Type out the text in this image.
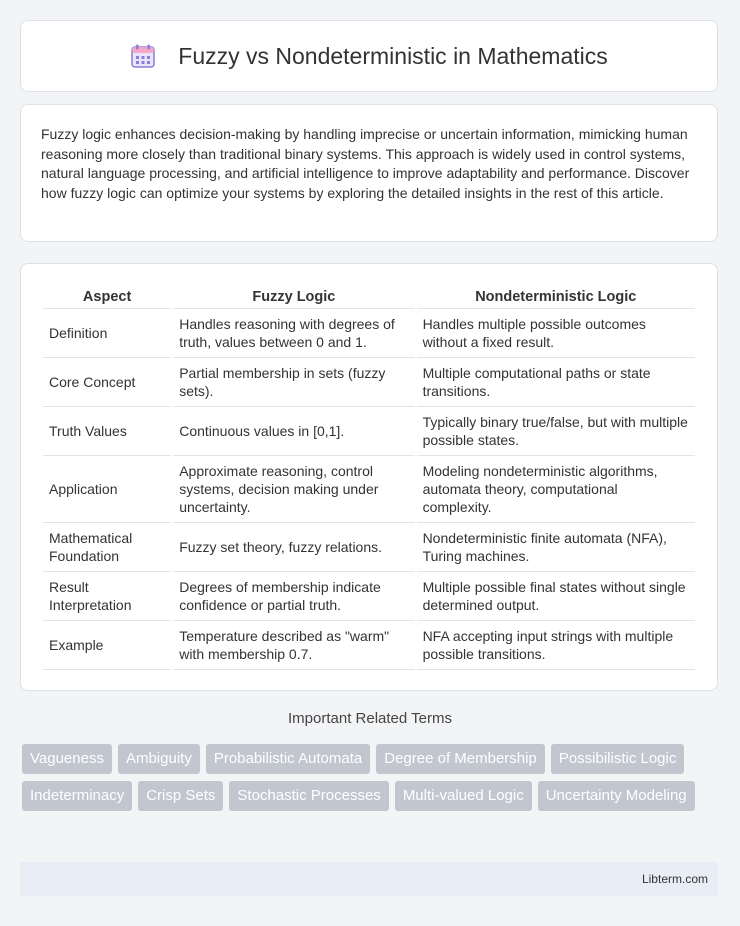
Fuzzy vs Nondeterministic in Mathematics
Fuzzy logic enhances decision-making by handling imprecise or uncertain information, mimicking human reasoning more closely than traditional binary systems. This approach is widely used in control systems, natural language processing, and artificial intelligence to improve adaptability and performance. Discover how fuzzy logic can optimize your systems by exploring the detailed insights in the rest of this article.
Aspect	Fuzzy Logic	Nondeterministic Logic
Definition	Handles reasoning with degrees of truth, values between 0 and 1.	Handles multiple possible outcomes without a fixed result.
Core Concept	Partial membership in sets (fuzzy sets).	Multiple computational paths or state transitions.
Truth Values	Continuous values in [0,1].	Typically binary true/false, but with multiple possible states.
Application	Approximate reasoning, control systems, decision making under uncertainty.	Modeling nondeterministic algorithms, automata theory, computational complexity.
Mathematical Foundation	Fuzzy set theory, fuzzy relations.	Nondeterministic finite automata (NFA), Turing machines.
Result Interpretation	Degrees of membership indicate confidence or partial truth.	Multiple possible final states without single determined output.
Example	Temperature described as "warm" with membership 0.7.	NFA accepting input strings with multiple possible transitions.
Important Related Terms
Vagueness	Ambiguity	Probabilistic Automata	Degree of Membership	Possibilistic Logic
Indeterminacy	Crisp Sets	Stochastic Processes	Multi-valued Logic	Uncertainty Modeling
Libterm.com
